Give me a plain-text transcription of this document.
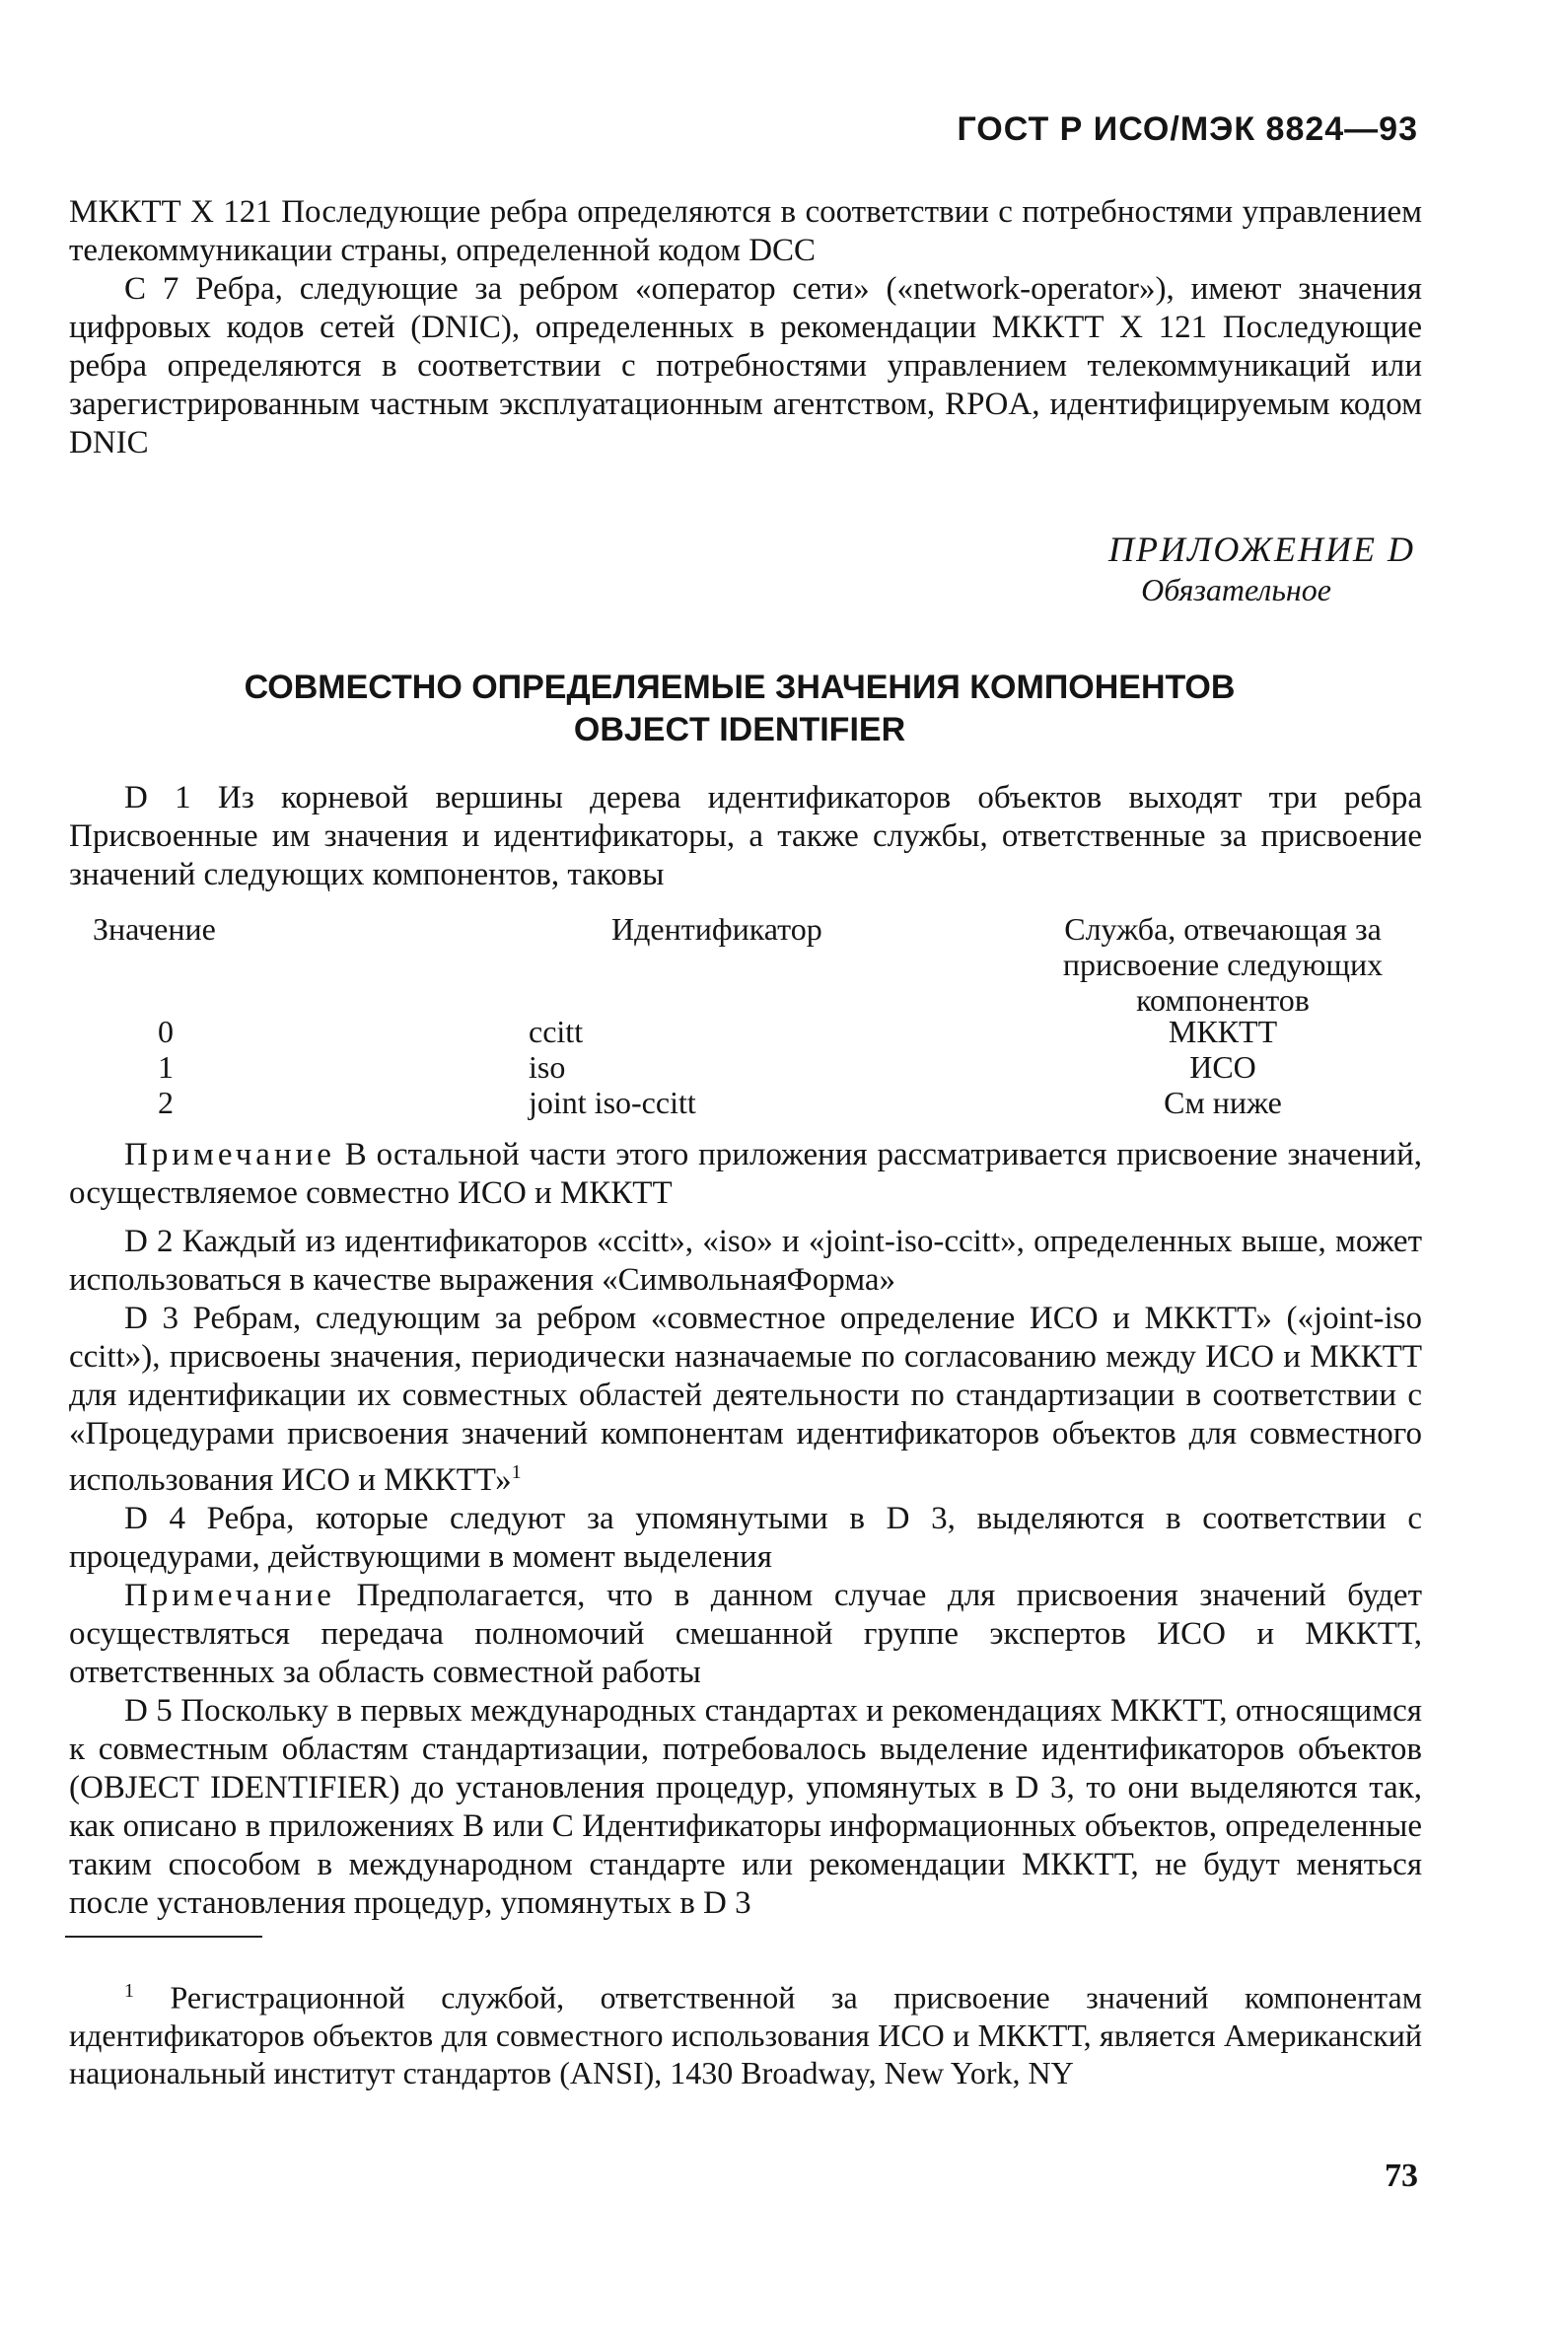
ГОСТ Р ИСО/МЭК 8824—93

МККТТ X 121 Последующие ребра определяются в соответствии с потребностями управлением телекоммуникации страны, определенной кодом DCC

C 7 Ребра, следующие за ребром «оператор сети» («network-operator»), имеют значения цифровых кодов сетей (DNIC), определенных в рекомендации МККТТ X 121 Последующие ребра определяются в соответствии с потребностями управлением телекоммуникаций или зарегистрированным частным эксплуатационным агентством, RPOA, идентифицируемым кодом DNIC

ПРИЛОЖЕНИЕ D
Обязательное
СОВМЕСТНО ОПРЕДЕЛЯЕМЫЕ ЗНАЧЕНИЯ КОМПОНЕНТОВ
OBJECT IDENTIFIER

D 1 Из корневой вершины дерева идентификаторов объектов выходят три ребра Присвоенные им значения и идентификаторы, а также службы, ответственные за присвоение значений следующих компонентов, таковы

Значение	Идентификатор	Служба, отвечающая за
присвоение следующих
компонентов
0	ccitt	МККТТ
1	iso	ИСО
2	joint iso-ccitt	См ниже

Примечание В остальной части этого приложения рассматривается присвоение значений, осуществляемое совместно ИСО и МККТТ

D 2 Каждый из идентификаторов «ccitt», «iso» и «joint-iso-ccitt», определенных выше, может использоваться в качестве выражения «СимвольнаяФорма»

D 3 Ребрам, следующим за ребром «совместное определение ИСО и МККТТ» («joint-iso ccitt»), присвоены значения, периодически назначаемые по согласованию между ИСО и МККТТ для идентификации их совместных областей деятельности по стандартизации в соответствии с «Процедурами присвоения значений компонентам идентификаторов объектов для совместного использования ИСО и МККТТ»$^1$

D 4 Ребра, которые следуют за упомянутыми в D 3, выделяются в соответствии с процедурами, действующими в момент выделения

Примечание Предполагается, что в данном случае для присвоения значений будет осуществляться передача полномочий смешанной группе экспертов ИСО и МККТТ, ответственных за область совместной работы

D 5 Поскольку в первых международных стандартах и рекомендациях МККТТ, относящимся к совместным областям стандартизации, потребовалось выделение идентификаторов объектов (OBJECT IDENTIFIER) до установления процедур, упомянутых в D 3, то они выделяются так, как описано в приложениях В или С Идентификаторы информационных объектов, определенные таким способом в международном стандарте или рекомендации МККТТ, не будут меняться после установления процедур, упомянутых в D 3

$^1$ Регистрационной службой, ответственной за присвоение значений компонентам идентификаторов объектов для совместного использования ИСО и МККТТ, является Американский национальный институт стандартов (ANSI), 1430 Broadway, New York, NY

73
